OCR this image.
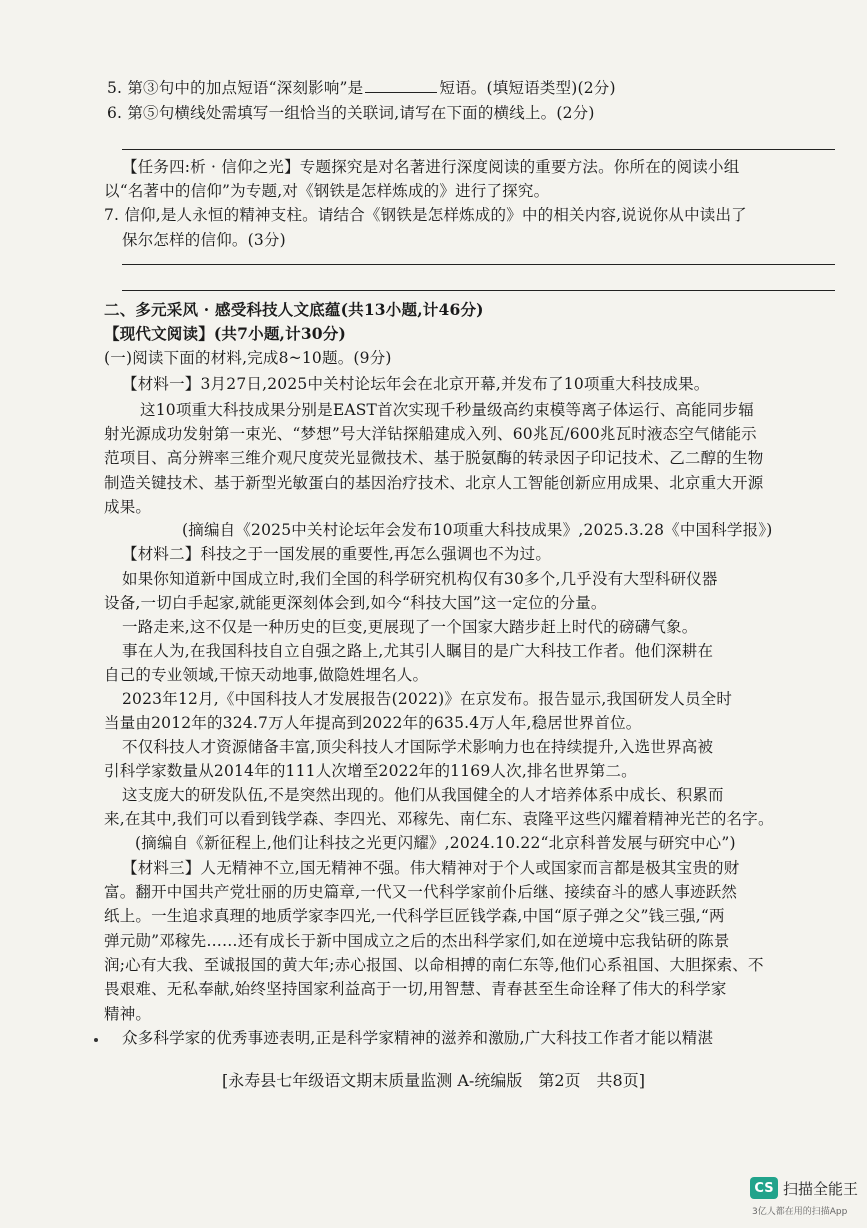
5. 第③句中的加点短语“深刻影响”是	短语。(填短语类型)(2分)
6. 第⑤句横线处需填写一组恰当的关联词,请写在下面的横线上。(2分)
【任务四:析 · 信仰之光】专题探究是对名著进行深度阅读的重要方法。你所在的阅读小组
以“名著中的信仰”为专题,对《钢铁是怎样炼成的》进行了探究。
7. 信仰,是人永恒的精神支柱。请结合《钢铁是怎样炼成的》中的相关内容,说说你从中读出了
保尔怎样的信仰。(3分)
二、多元采风 · 感受科技人文底蕴(共13小题,计46分)
【现代文阅读】(共7小题,计30分)
(一)阅读下面的材料,完成8~10题。(9分)
【材料一】3月27日,2025中关村论坛年会在北京开幕,并发布了10项重大科技成果。
这10项重大科技成果分别是EAST首次实现千秒量级高约束模等离子体运行、高能同步辐
射光源成功发射第一束光、“梦想”号大洋钻探船建成入列、60兆瓦/600兆瓦时液态空气储能示
范项目、高分辨率三维介观尺度荧光显微技术、基于脱氨酶的转录因子印记技术、乙二醇的生物
制造关键技术、基于新型光敏蛋白的基因治疗技术、北京人工智能创新应用成果、北京重大开源
成果。
(摘编自《2025中关村论坛年会发布10项重大科技成果》,2025.3.28《中国科学报》)
【材料二】科技之于一国发展的重要性,再怎么强调也不为过。
如果你知道新中国成立时,我们全国的科学研究机构仅有30多个,几乎没有大型科研仪器
设备,一切白手起家,就能更深刻体会到,如今“科技大国”这一定位的分量。
一路走来,这不仅是一种历史的巨变,更展现了一个国家大踏步赶上时代的磅礴气象。
事在人为,在我国科技自立自强之路上,尤其引人瞩目的是广大科技工作者。他们深耕在
自己的专业领域,干惊天动地事,做隐姓埋名人。
2023年12月,《中国科技人才发展报告(2022)》在京发布。报告显示,我国研发人员全时
当量由2012年的324.7万人年提高到2022年的635.4万人年,稳居世界首位。
不仅科技人才资源储备丰富,顶尖科技人才国际学术影响力也在持续提升,入选世界高被
引科学家数量从2014年的111人次增至2022年的1169人次,排名世界第二。
这支庞大的研发队伍,不是突然出现的。他们从我国健全的人才培养体系中成长、积累而
来,在其中,我们可以看到钱学森、李四光、邓稼先、南仁东、袁隆平这些闪耀着精神光芒的名字。
(摘编自《新征程上,他们让科技之光更闪耀》,2024.10.22“北京科普发展与研究中心”)
【材料三】人无精神不立,国无精神不强。伟大精神对于个人或国家而言都是极其宝贵的财
富。翻开中国共产党壮丽的历史篇章,一代又一代科学家前仆后继、接续奋斗的感人事迹跃然
纸上。一生追求真理的地质学家李四光,一代科学巨匠钱学森,中国“原子弹之父”钱三强,“两
弹元勋”邓稼先……还有成长于新中国成立之后的杰出科学家们,如在逆境中忘我钻研的陈景
润;心有大我、至诚报国的黄大年;赤心报国、以命相搏的南仁东等,他们心系祖国、大胆探索、不
畏艰难、无私奉献,始终坚持国家利益高于一切,用智慧、青春甚至生命诠释了伟大的科学家
精神。
众多科学家的优秀事迹表明,正是科学家精神的滋养和激励,广大科技工作者才能以精湛
[永寿县七年级语文期末质量监测 A-统编版　第2页　共8页]
CS 扫描全能王
3亿人都在用的扫描App
